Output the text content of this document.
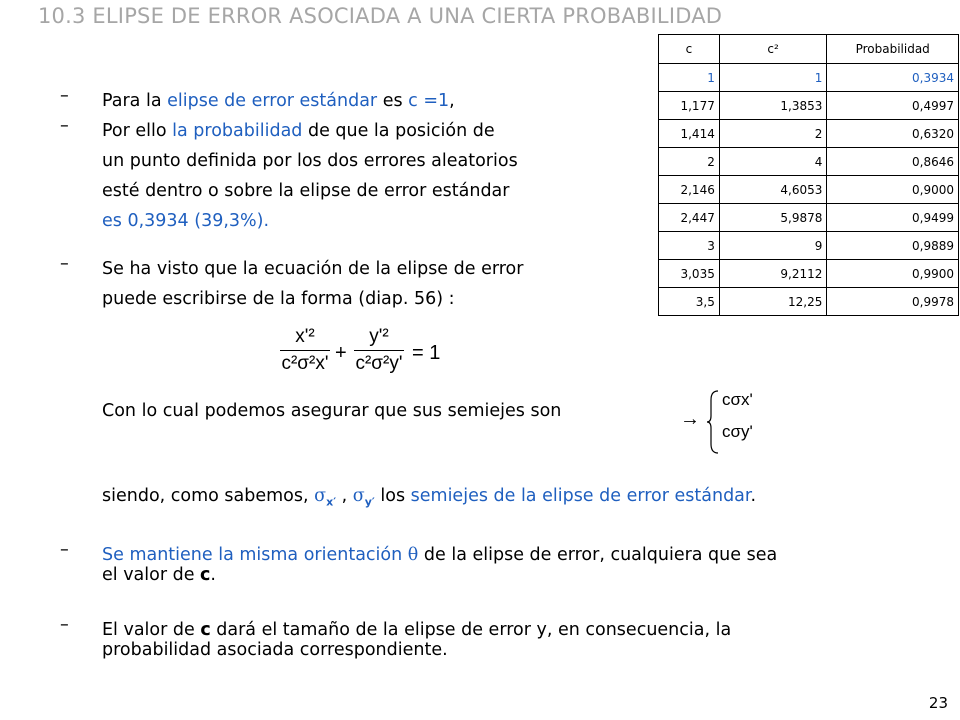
10.3 ELIPSE DE ERROR ASOCIADA A UNA CIERTA PROBABILIDAD
c	c²	Probabilidad
1	1	0,3934
1,177	1,3853	0,4997
1,414	2	0,6320
2	4	0,8646
2,146	4,6053	0,9000
2,447	5,9878	0,9499
3	9	0,9889
3,035	9,2112	0,9900
3,5	12,25	0,9978
– Para la elipse de error estándar es c =1,
– Por ello la probabilidad de que la posición de
un punto definida por los dos errores aleatorios
esté dentro o sobre la elipse de error estándar
es 0,3934 (39,3%).
– Se ha visto que la ecuación de la elipse de error
puede escribirse de la forma (diap. 56) :
x'²
c²σ²x' +
y'²
c²σ²y' = 1
Con lo cual podemos asegurar que sus semiejes son	→
cσx'
cσy'
siendo, como sabemos, $\sigma_{x'}$ , $\sigma_{y'}$ los semiejes de la elipse de error estándar.
– Se mantiene la misma orientación θ de la elipse de error, cualquiera que sea
el valor de c.
– El valor de c dará el tamaño de la elipse de error y, en consecuencia, la
probabilidad asociada correspondiente.
23
